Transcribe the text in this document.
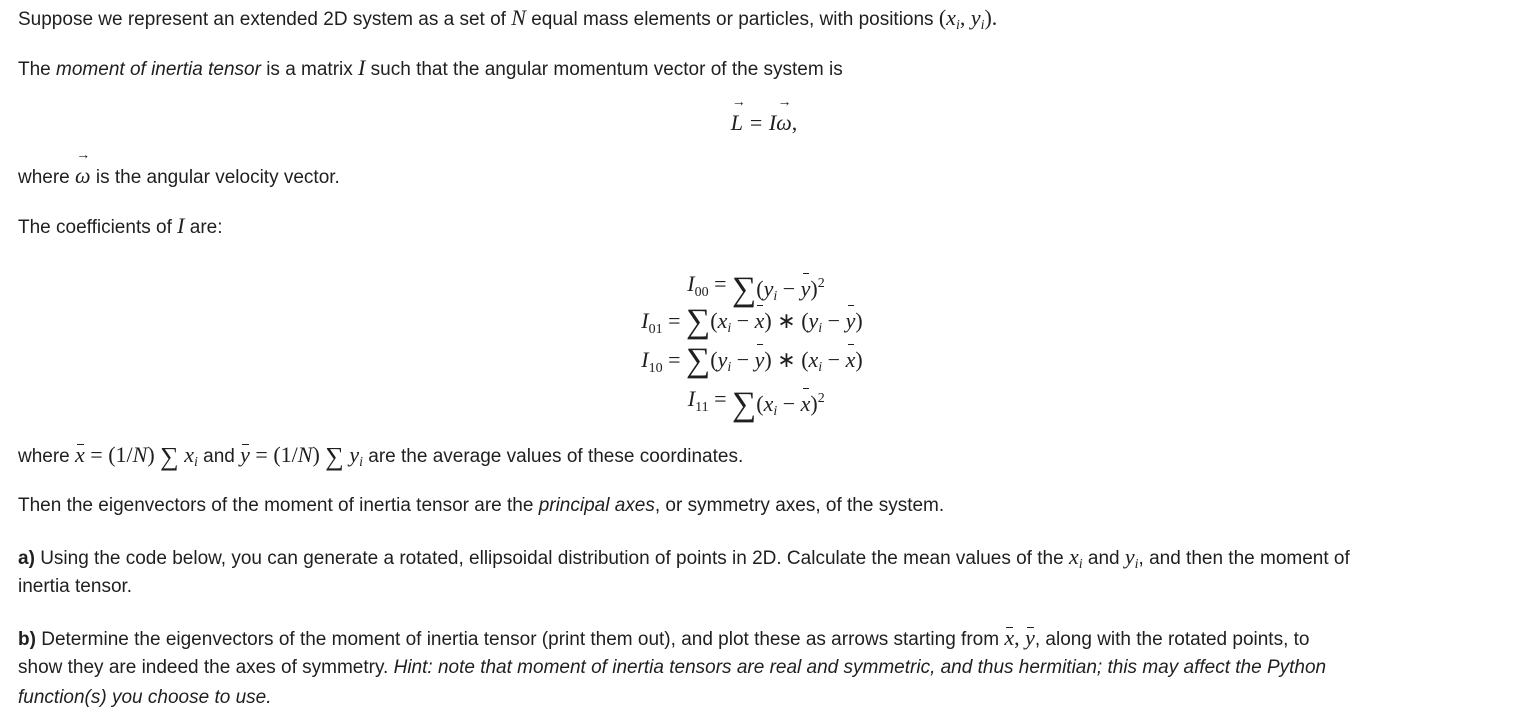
Suppose we represent an extended 2D system as a set of N equal mass elements or particles, with positions ($x_i$, $y_i$).
The moment of inertia tensor is a matrix I such that the angular momentum vector of the system is
→
L = I
→
ω,
where
→
ω is the angular velocity vector.
The coefficients of I are:
$I_{00} = \sum(y_i - y)^2$
$I_{01} = \sum(x_i - x)$ ∗ $(y_i - y)$
$I_{10} = \sum(y_i - y)$ ∗ $(x_i - x)$
$I_{11} = \sum(x_i - x)^2$
where x = (1/N) ∑ $x_i$ and y = (1/N) ∑ $y_i$ are the average values of these coordinates.
Then the eigenvectors of the moment of inertia tensor are the principal axes, or symmetry axes, of the system.
a) Using the code below, you can generate a rotated, ellipsoidal distribution of points in 2D. Calculate the mean values of the $x_i$ and $y_i$, and then the moment of
inertia tensor.
b) Determine the eigenvectors of the moment of inertia tensor (print them out), and plot these as arrows starting from x, y, along with the rotated points, to
show they are indeed the axes of symmetry. Hint: note that moment of inertia tensors are real and symmetric, and thus hermitian; this may affect the Python
function(s) you choose to use.
